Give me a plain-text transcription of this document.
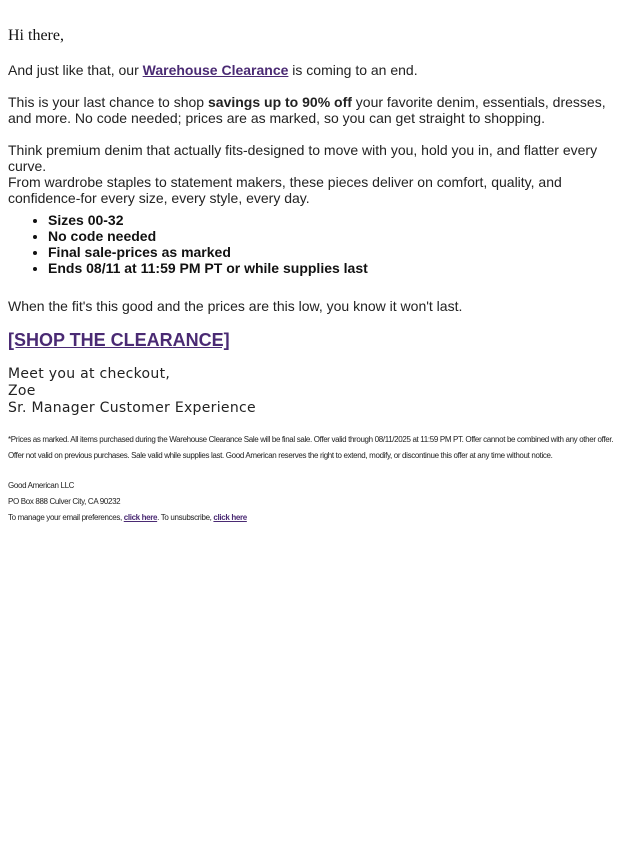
Hi there,

And just like that, our Warehouse Clearance is coming to an end.

This is your last chance to shop savings up to 90% off your favorite denim, essentials, dresses, and more. No code needed; prices are as marked, so you can get straight to shopping.

Think premium denim that actually fits-designed to move with you, hold you in, and flatter every curve.

From wardrobe staples to statement makers, these pieces deliver on comfort, quality, and confidence-for every size, every style, every day.

• Sizes 00-32
• No code needed
• Final sale-prices as marked
• Ends 08/11 at 11:59 PM PT or while supplies last

When the fit's this good and the prices are this low, you know it won't last.

[SHOP THE CLEARANCE]
Meet you at checkout,
Zoe
Sr. Manager Customer Experience

*Prices as marked. All items purchased during the Warehouse Clearance Sale will be final sale. Offer valid through 08/11/2025 at 11:59 PM PT. Offer cannot be combined with any other offer. Offer not valid on previous purchases. Sale valid while supplies last. Good American reserves the right to extend, modify, or discontinue this offer at any time without notice.

Good American LLC

PO Box 888 Culver City, CA 90232

To manage your email preferences, click here. To unsubscribe, click here
